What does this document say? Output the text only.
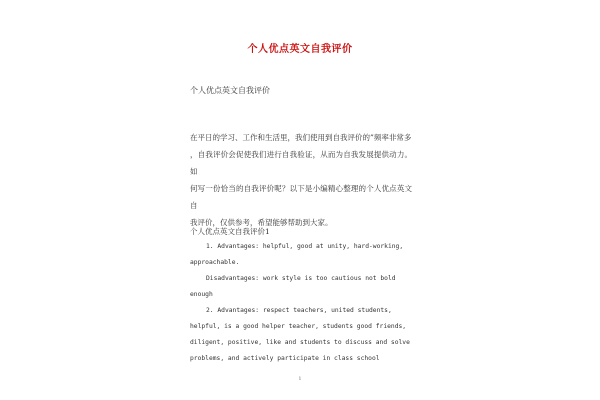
个人优点英文自我评价
个人优点英文自我评价
在平日的学习、工作和生活里，我们使用到自我评价的”频率非常多
，自我评价会促使我们进行自我验证，从而为自我发展提供动力。如
何写一份恰当的自我评价呢？以下是小编精心整理的个人优点英文自
我评价，仅供参考，希望能够帮助到大家。
个人优点英文自我评价1
1. Advantages: helpful, good at unity, hard-working,
approachable.
Disadvantages: work style is too cautious not bold
enough
2. Advantages: respect teachers, united students,
helpful, is a good helper teacher, students good friends,
diligent, positive, like and students to discuss and solve
problems, and actively participate in class school
1
